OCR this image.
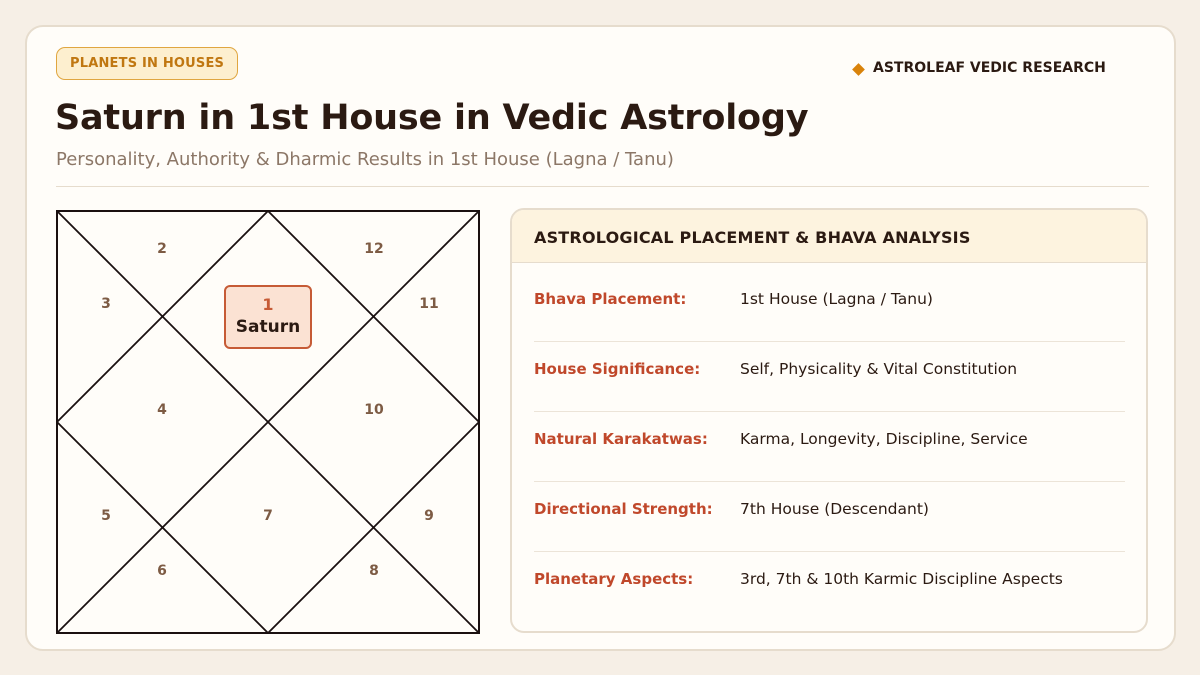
PLANETS IN HOUSES	ASTROLEAF VEDIC RESEARCH
Saturn in 1st House in Vedic Astrology
Personality, Authority & Dharmic Results in 1st House (Lagna / Tanu)
2	12
3	11
4	10
5	7	9
6	8
1
Saturn
ASTROLOGICAL PLACEMENT & BHAVA ANALYSIS
Bhava Placement:	1st House (Lagna / Tanu)
House Significance:	Self, Physicality & Vital Constitution
Natural Karakatwas: Karma, Longevity, Discipline, Service
Directional Strength: 7th House (Descendant)
Planetary Aspects:	3rd, 7th & 10th Karmic Discipline Aspects
